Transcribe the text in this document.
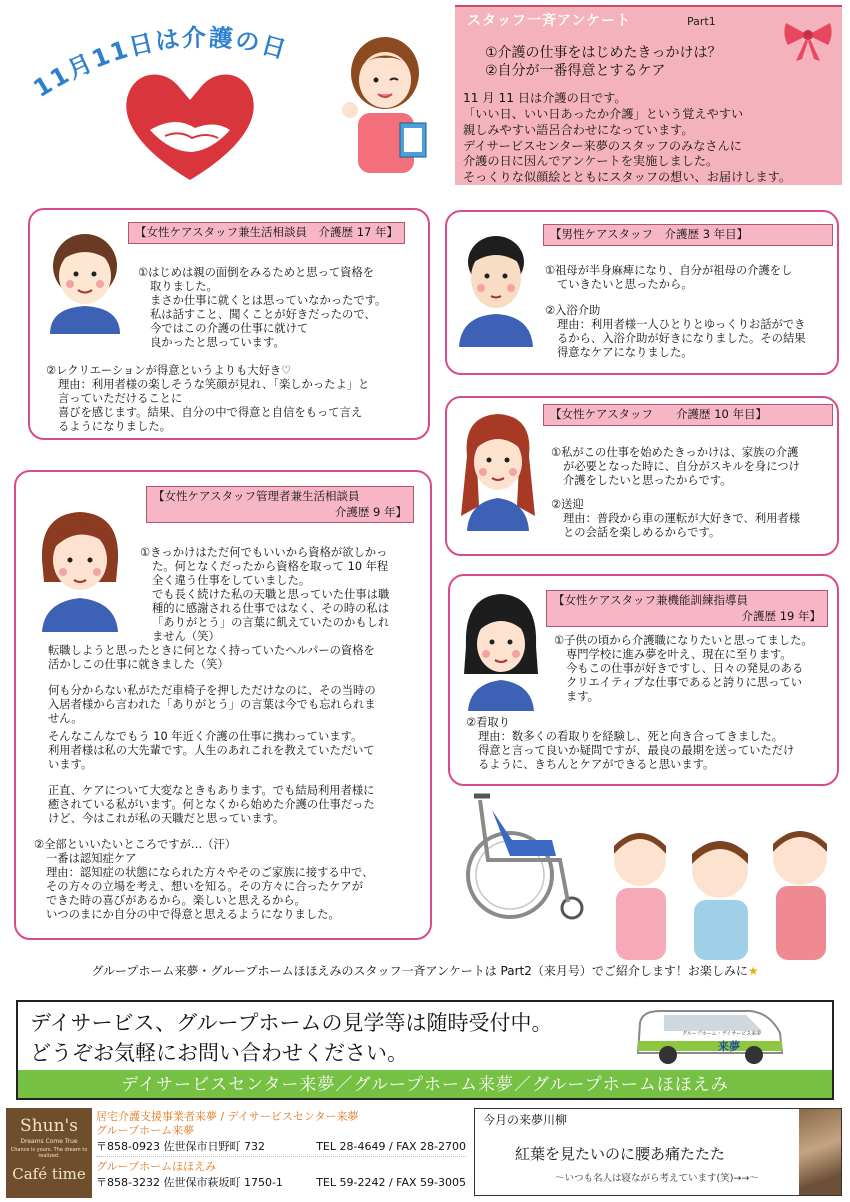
11月11日は介護の日
スタッフ一斉アンケート	Part1
①介護の仕事をはじめたきっかけは？
②自分が一番得意とするケア
11 月 11 日は介護の日です。
「いい日、いい日あったか介護」という覚えやすい
親しみやすい語呂合わせになっています。
デイサービスセンター来夢のスタッフのみなさんに
介護の日に因んでアンケートを実施しました。
そっくりな似顔絵とともにスタッフの想い、お届けします。
【女性ケアスタッフ兼生活相談員　介護歴 17 年】
①はじめは親の面倒をみるためと思って資格を
取りました。
まさか仕事に就くとは思っていなかったです。
私は話すこと、聞くことが好きだったので、
今ではこの介護の仕事に就けて
良かったと思っています。
②レクリエーションが得意というよりも大好き♡
理由：利用者様の楽しそうな笑顔が見れ、「楽しかったよ」と
言っていただけることに
喜びを感じます。結果、自分の中で得意と自信をもって言え
るようになりました。
【男性ケアスタッフ　介護歴 3 年目】
①祖母が半身麻痺になり、自分が祖母の介護をし
ていきたいと思ったから。
②入浴介助
理由：利用者様一人ひとりとゆっくりお話ができ
るから、入浴介助が好きになりました。その結果
得意なケアになりました。
【女性ケアスタッフ　　介護歴 10 年目】
①私がこの仕事を始めたきっかけは、家族の介護
が必要となった時に、自分がスキルを身につけ
介護をしたいと思ったからです。
②送迎
理由：普段から車の運転が大好きで、利用者様
との会話を楽しめるからです。
【女性ケアスタッフ管理者兼生活相談員
介護歴 9 年】
①きっかけはただ何でもいいから資格が欲しかっ
た。何となくだったから資格を取って 10 年程
全く違う仕事をしていました。
でも長く続けた私の天職と思っていた仕事は職
種的に感謝される仕事ではなく、その時の私は
「ありがとう」の言葉に飢えていたのかもしれ
ません（笑）
転職しようと思ったときに何となく持っていたヘルパーの資格を
活かしこの仕事に就きました（笑）
何も分からない私がただ車椅子を押しただけなのに、その当時の
入居者様から言われた「ありがとう」の言葉は今でも忘れられま
せん。
そんなこんなでもう 10 年近く介護の仕事に携わっています。
利用者様は私の大先輩です。人生のあれこれを教えていただいて
います。
正直、ケアについて大変なときもあります。でも結局利用者様に
癒されている私がいます。何となくから始めた介護の仕事だった
けど、今はこれが私の天職だと思っています。
②全部といいたいところですが…（汗）
一番は認知症ケア
理由：認知症の状態になられた方々やそのご家族に接する中で、
その方々の立場を考え、想いを知る。その方々に合ったケアが
できた時の喜びがあるから。楽しいと思えるから。
いつのまにか自分の中で得意と思えるようになりました。
【女性ケアスタッフ兼機能訓練指導員
介護歴 19 年】
①子供の頃から介護職になりたいと思ってました。
専門学校に進み夢を叶え、現在に至ります。
今もこの仕事が好きですし、日々の発見のある
クリエイティブな仕事であると誇りに思ってい
ます。
②看取り
理由：数多くの看取りを経験し、死と向き合ってきました。
得意と言って良いか疑問ですが、最良の最期を送っていただけ
るように、きちんとケアができると思います。
グループホーム来夢・グループホームほほえみのスタッフ一斉アンケートは Part2（来月号）でご紹介します！お楽しみに★
デイサービス、グループホームの見学等は随時受付中。
どうぞお気軽にお問い合わせください。
グループホーム・デイサービス来夢
来夢
デイサービスセンター来夢／グループホーム来夢／グループホームほほえみ
Shun's
Dreams Come True
Chance is yours. The dream to realized.
Café time
居宅介護支援事業者来夢 / デイサービスセンター来夢
グループホーム来夢
〒858-0923 佐世保市日野町 732	TEL 28-4649 / FAX 28-2700
グループホームほほえみ
〒858-3232 佐世保市萩坂町 1750-1	TEL 59-2242 / FAX 59-3005
今月の来夢川柳
紅葉を見たいのに腰あ痛たたた
～いつも名人は寝ながら考えています(笑)→→～
